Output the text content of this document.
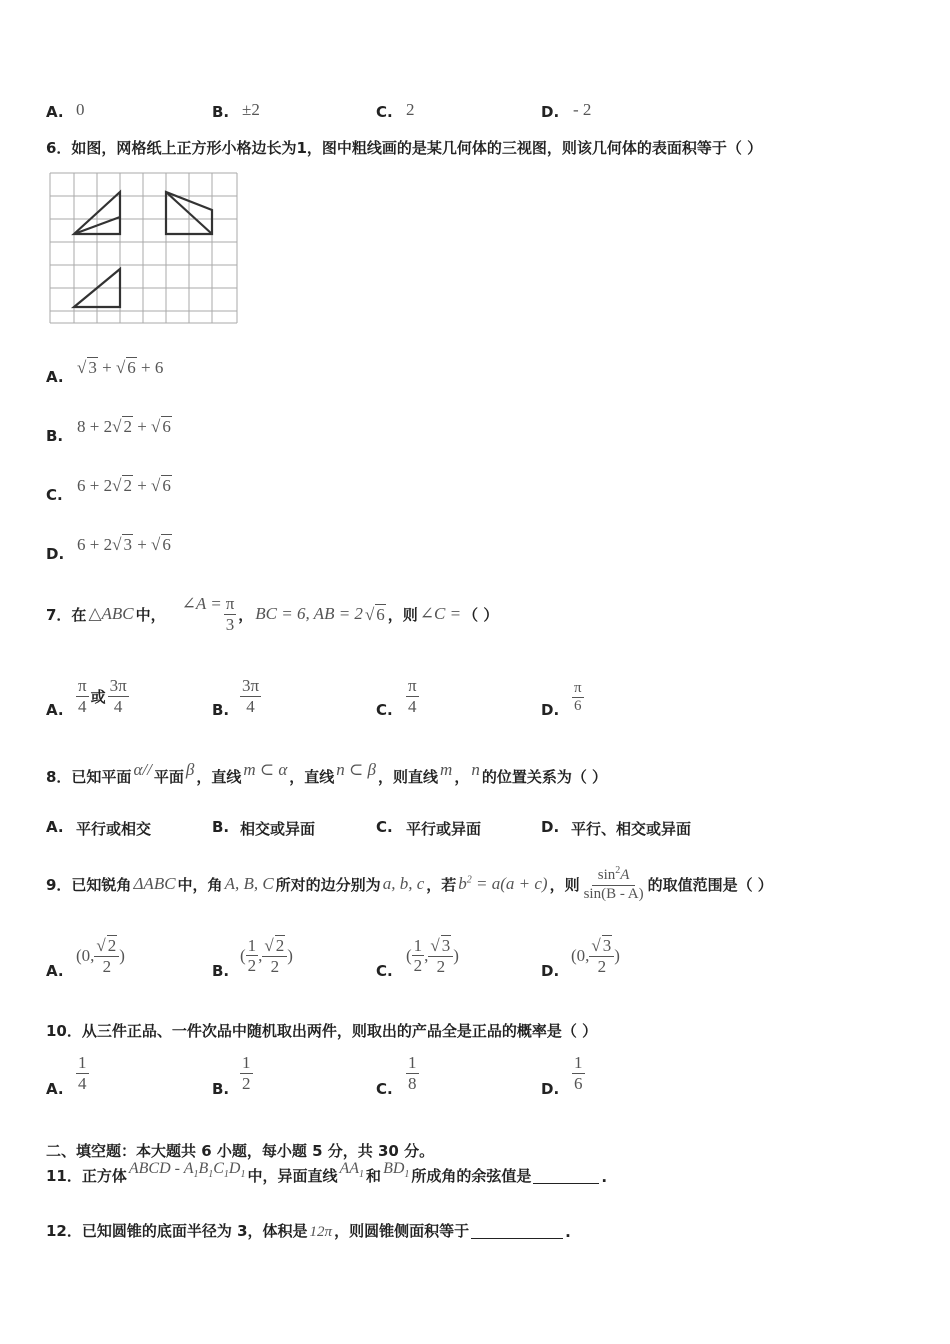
A. 0	B. ±2	C. 2	D. - 2
6．如图，网格纸上正方形小格边长为1，图中粗线画的是某几何体的三视图，则该几何体的表面积等于（ ）
A. √ 3 + √ 6 + 6
B. 8 + 2√ 2 + √ 6
C. 6 + 2√ 2 + √ 6
D. 6 + 2√ 3 + √ 6
7．在 △ABC 中，
∠A = $\frac{\pi}{3}$ ， BC = 6, AB = 2 √ 6 ，则 ∠C = （ ）
A. $\frac{\pi}{4}$ 或 $\frac{3\pi}{4}$	B. $\frac{3\pi}{4}$	C. $\frac{\pi}{4}$	D. $\frac{\pi}{6}$
8．已知平面 α// 平面 β ，直线 m ⊂ α ，直线 n ⊂ β ，则直线 m ， n 的位置关系为（ ）
A. 平行或相交	B. 相交或异面	C. 平行或异面	D. 平行、相交或异面
9．已知锐角 ΔABC 中，角 A, B, C 所对的边分别为 a, b, c ，若 $b^2 = a(a + c)$ ，则 $\frac{\sin^2A}{\sin(B - A)}$ 的取值范围是（ ）
A.
(0, $\frac{√ 2}{2}$ )
B.
( $\frac{1}{2}$ , $\frac{√ 2}{2}$ )
C.
( $\frac{1}{2}$ , $\frac{√ 3}{2}$ )
D.
(0, $\frac{√ 3}{2}$ )
10．从三件正品、一件次品中随机取出两件，则取出的产品全是正品的概率是（ ）
A. $\frac{1}{4}$	B. $\frac{1}{2}$	C. $\frac{1}{8}$	D. $\frac{1}{6}$
二、填空题：本大题共 6 小题，每小题 5 分，共 30 分。
11．正方体 ABCD - $A_1B_1C_1D_1$ 中，异面直线 $AA_1$ 和 $BD_1$ 所成角的余弦值是	.
12．已知圆锥的底面半径为 3，体积是 12π ，则圆锥侧面积等于	.
